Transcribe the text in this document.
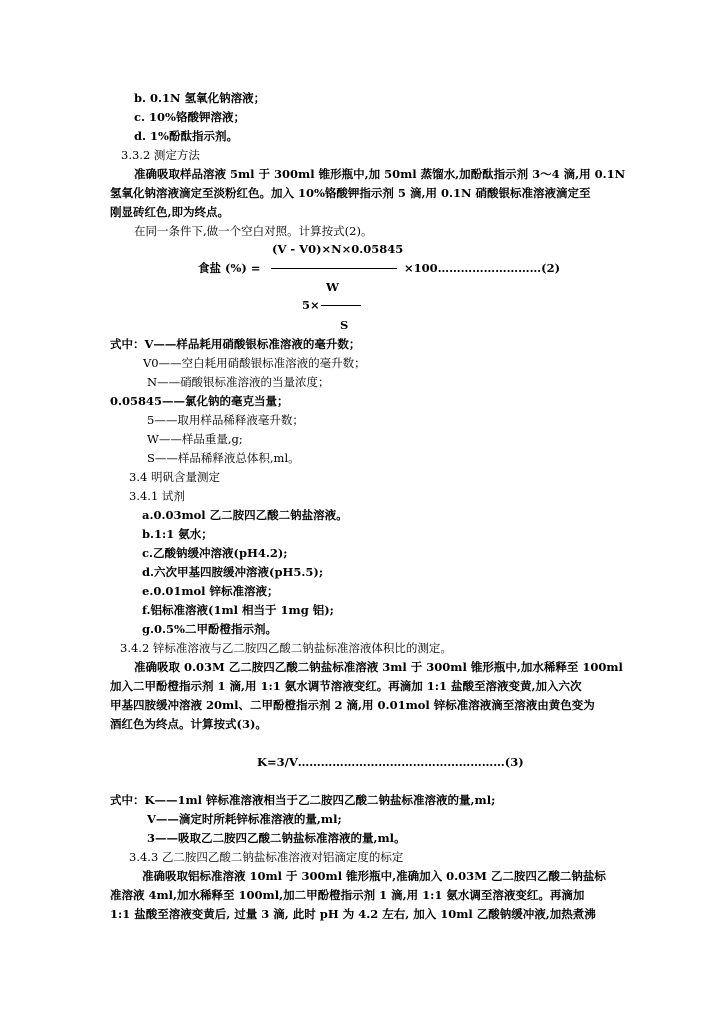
b. 0.1N 氢氧化钠溶液；
c. 10%铬酸钾溶液；
d. 1%酚酞指示剂。
3.3.2 测定方法
准确吸取样品溶液 5ml 于 300ml 锥形瓶中,加 50ml 蒸馏水,加酚酞指示剂 3～4 滴,用 0.1N
氢氧化钠溶液滴定至淡粉红色。加入 10%铬酸钾指示剂 5 滴,用 0.1N 硝酸银标准溶液滴定至
刚显砖红色,即为终点。
在同一条件下,做一个空白对照。计算按式(2)。
(V - V0)×N×0.05845
食盐 (%) =	×100………………………(2)
W
5×
S
式中：V——样品耗用硝酸银标准溶液的毫升数；
V0——空白耗用硝酸银标准溶液的毫升数；
N——硝酸银标准溶液的当量浓度；
0.05845——氯化钠的毫克当量；
5——取用样品稀释液毫升数；
W——样品重量,g;
S——样品稀释液总体积,ml。
3.4 明矾含量测定
3.4.1 试剂
a.0.03mol 乙二胺四乙酸二钠盐溶液。
b.1:1 氨水；
c.乙酸钠缓冲溶液(pH4.2);
d.六次甲基四胺缓冲溶液(pH5.5);
e.0.01mol 锌标准溶液；
f.铝标准溶液(1ml 相当于 1mg 铝);
g.0.5%二甲酚橙指示剂。
3.4.2 锌标准溶液与乙二胺四乙酸二钠盐标准溶液体积比的测定。
准确吸取 0.03M 乙二胺四乙酸二钠盐标准溶液 3ml 于 300ml 锥形瓶中,加水稀释至 100ml
加入二甲酚橙指示剂 1 滴,用 1:1 氨水调节溶液变红。再滴加 1:1 盐酸至溶液变黄,加入六次
甲基四胺缓冲溶液 20ml、二甲酚橙指示剂 2 滴,用 0.01mol 锌标准溶液滴至溶液由黄色变为
酒红色为终点。计算按式(3)。
K=3/V………………………………………………(3)
式中：K——1ml 锌标准溶液相当于乙二胺四乙酸二钠盐标准溶液的量,ml;
V——滴定时所耗锌标准溶液的量,ml;
3——吸取乙二胺四乙酸二钠盐标准溶液的量,ml。
3.4.3 乙二胺四乙酸二钠盐标准溶液对铝滴定度的标定
准确吸取铝标准溶液 10ml 于 300ml 锥形瓶中,准确加入 0.03M 乙二胺四乙酸二钠盐标
准溶液 4ml,加水稀释至 100ml,加二甲酚橙指示剂 1 滴,用 1:1 氨水调至溶液变红。再滴加
1:1 盐酸至溶液变黄后, 过量 3 滴, 此时 pH 为 4.2 左右, 加入 10ml 乙酸钠缓冲液,加热煮沸
